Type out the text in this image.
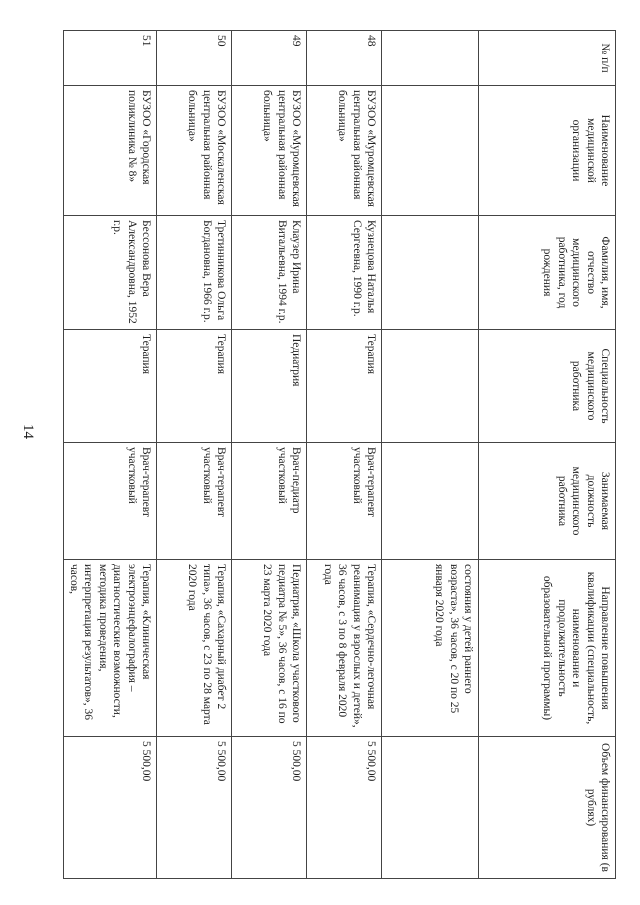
14
№ п/п	Наименование медицинской организации	Фамилия, имя, отчество медицинского работника, год рождения	Специальность медицинского работника	Занимаемая должность медицинского работника	Направление повышения квалификации (специальность, наименование и продолжительность образовательной программы)	Объем финансирования (в рублях)
					состояния у детей раннего возраста», 36 часов, с 20 по 25 января 2020 года	
48	БУЗОО «Муромцевская центральная районная больница»	Кузнецова Наталья Сергеевна, 1990 г.р.	Терапия	Врач-терапевт участковый	Терапия, «Сердечно-легочная реанимация у взрослых и детей», 36 часов, с 3 по 8 февраля 2020 года	5 500,00
49	БУЗОО «Муромцевская центральная районная больница»	Клаузер Ирина Витальевна, 1994 г.р.	Педиатрия	Врач-педиатр участковый	Педиатрия, «Школа участкового педиатра № 5», 36 часов, с 16 по 23 марта 2020 года	5 500,00
50	БУЗОО «Москаленская центральная районная больница»	Третинникова Ольга Богдановна, 1966 г.р.	Терапия	Врач-терапевт участковый	Терапия, «Сахарный диабет 2 типа», 36 часов, с 23 по 28 марта 2020 года	5 500,00
51	БУЗОО «Городская поликлиника № 8»	Бессонова Вера Александровна, 1952 г.р.	Терапия	Врач-терапевт участковый	Терапия, «Клиническая электроэнцефалография – диагностические возможности, методика проведения, интерпретация результатов», 36 часов,	5 500,00
